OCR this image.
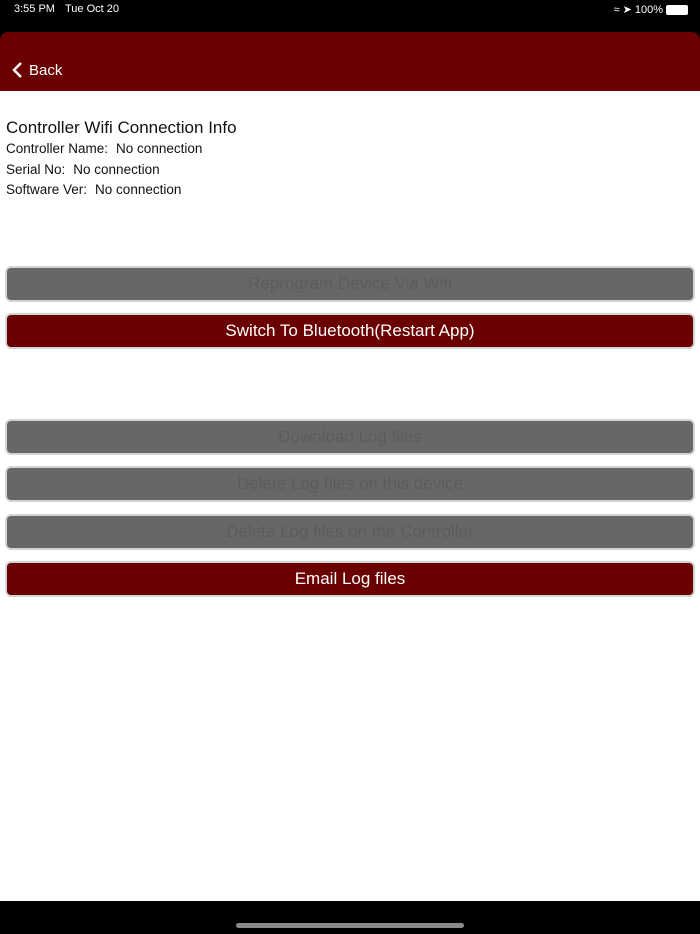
3:55 PM Tue Oct 20	≈ ➤ 100%
Back
Controller Wifi Connection Info
Controller Name: No connection
Serial No: No connection
Software Ver: No connection
Reprogram Device Via Wifi
Switch To Bluetooth(Restart App)
Download Log files
Delete Log files on this device
Delete Log files on the Controller
Email Log files
